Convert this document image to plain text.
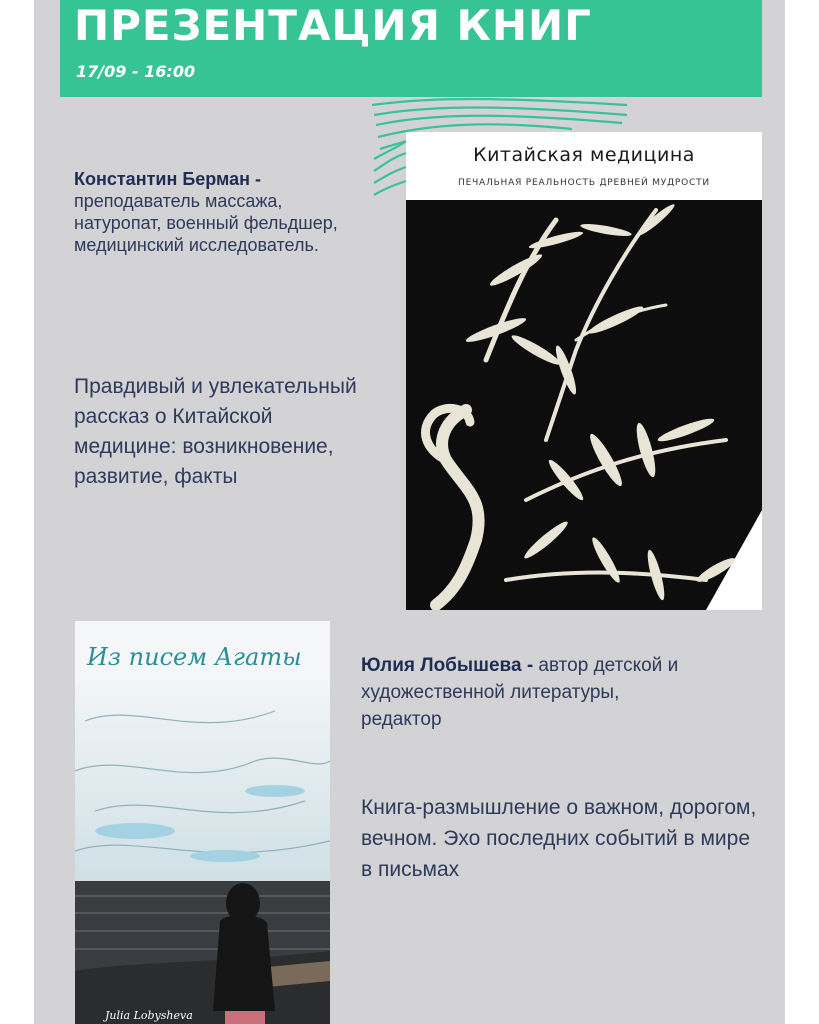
ПРЕЗЕНТАЦИЯ КНИГ
17/09 - 16:00
Китайская медицина
ПЕЧАЛЬНАЯ РЕАЛЬНОСТЬ ДРЕВНЕЙ МУДРОСТИ
Константин Берман -
преподаватель массажа, натуропат, военный фельдшер, медицинский исследователь.
Правдивый и увлекательный рассказ о Китайской медицине: возникновение, развитие, факты
Из писем Агаты
Julia Lobysheva
Юлия Лобышева - автор детской и художественной литературы, редактор
Книга-размышление о важном, дорогом, вечном. Эхо последних событий в мире в письмах
